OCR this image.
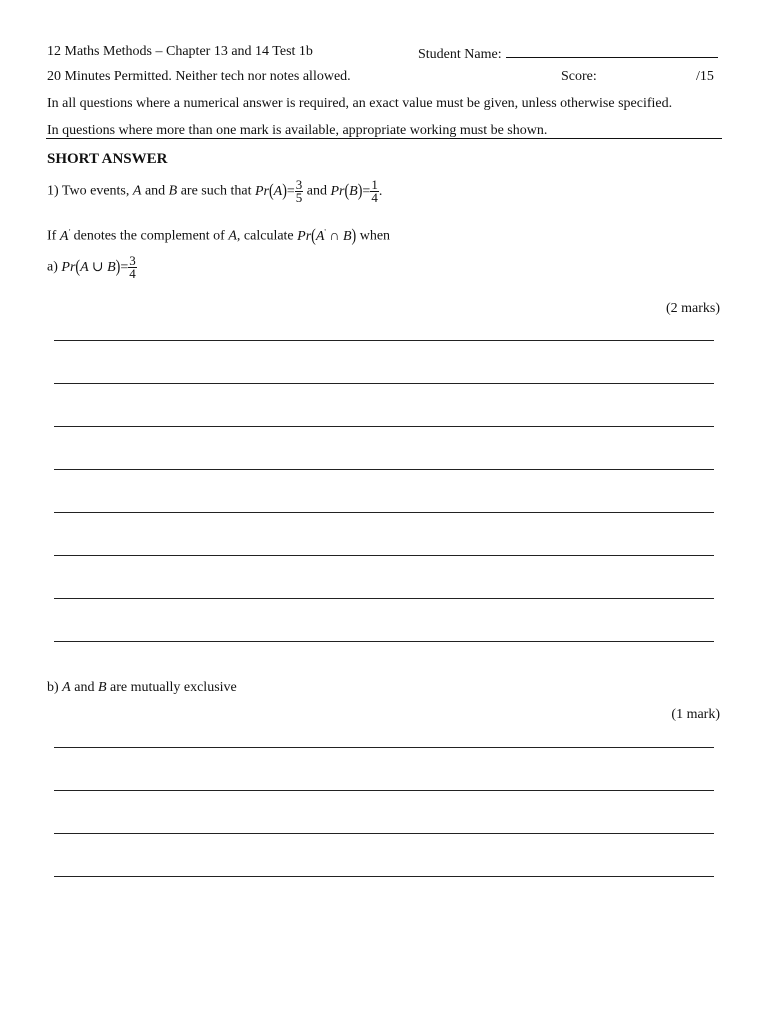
12 Maths Methods – Chapter 13 and 14 Test 1b	Student Name:
20 Minutes Permitted. Neither tech nor notes allowed.	Score:	/15
In all questions where a numerical answer is required, an exact value must be given, unless otherwise specified.
In questions where more than one mark is available, appropriate working must be shown.
SHORT ANSWER
1) Two events, A and B are such that $Pr(A)= \frac{3}{5}$ and $Pr(B)= \frac{1}{4}$ .
If A' denotes the complement of A, calculate Pr(A' ∩ B) when
a) Pr(A ∪ $B)= \frac{3}{4}$
(2 marks)
b) A and B are mutually exclusive
(1 mark)
